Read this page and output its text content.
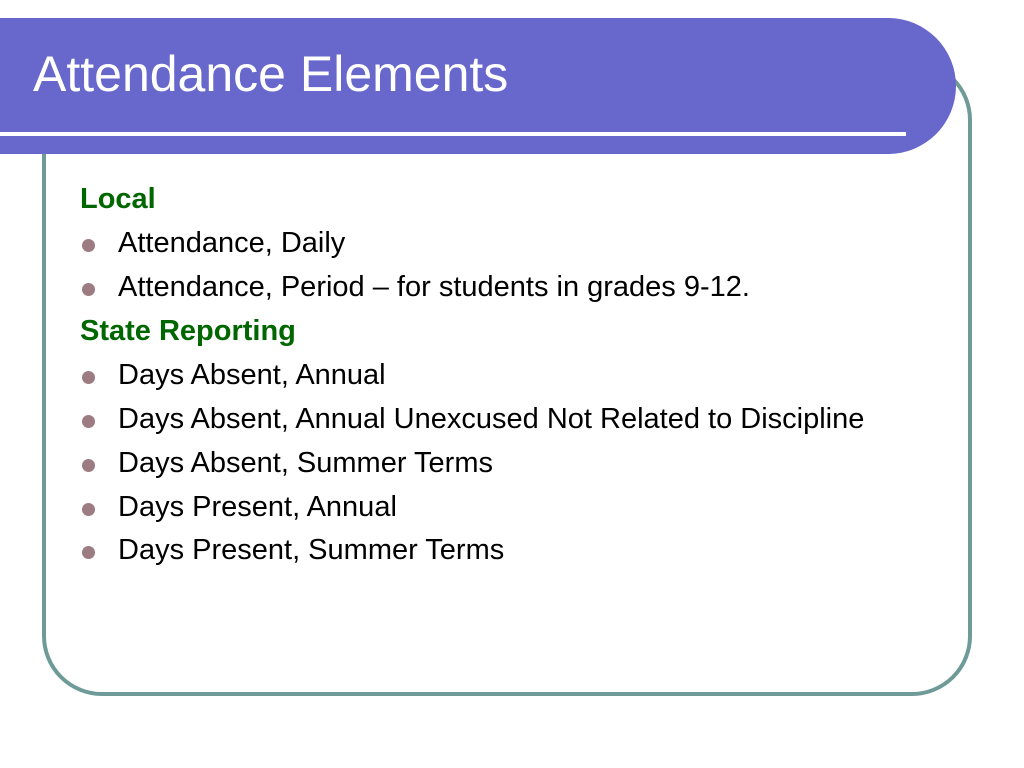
Attendance Elements
Local
Attendance, Daily
Attendance, Period – for students in grades 9-12.
State Reporting
Days Absent, Annual
Days Absent, Annual Unexcused Not Related to Discipline
Days Absent, Summer Terms
Days Present, Annual
Days Present, Summer Terms
